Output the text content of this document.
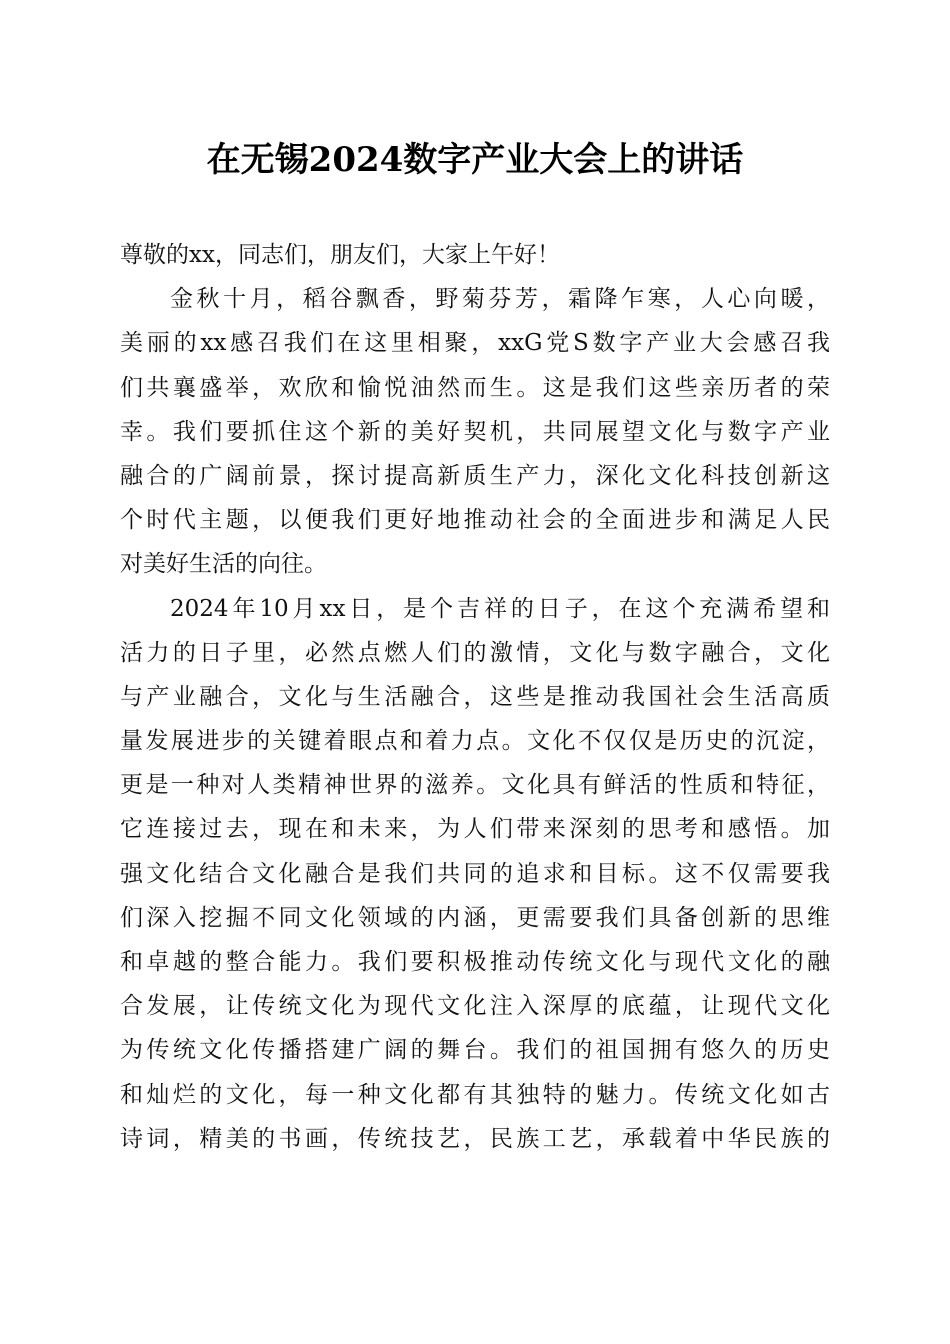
在无锡2024数字产业大会上的讲话
尊敬的xx，同志们，朋友们，大家上午好！
金秋十月，稻谷飘香，野菊芬芳，霜降乍寒，人心向暖，
美丽的xx感召我们在这里相聚，xxG党S数字产业大会感召我
们共襄盛举，欢欣和愉悦油然而生。这是我们这些亲历者的荣
幸。我们要抓住这个新的美好契机，共同展望文化与数字产业
融合的广阔前景，探讨提高新质生产力，深化文化科技创新这
个时代主题，以便我们更好地推动社会的全面进步和满足人民
对美好生活的向往。
2024年10月xx日，是个吉祥的日子，在这个充满希望和
活力的日子里，必然点燃人们的激情，文化与数字融合，文化
与产业融合，文化与生活融合，这些是推动我国社会生活高质
量发展进步的关键着眼点和着力点。文化不仅仅是历史的沉淀，
更是一种对人类精神世界的滋养。文化具有鲜活的性质和特征，
它连接过去，现在和未来，为人们带来深刻的思考和感悟。加
强文化结合文化融合是我们共同的追求和目标。这不仅需要我
们深入挖掘不同文化领域的内涵，更需要我们具备创新的思维
和卓越的整合能力。我们要积极推动传统文化与现代文化的融
合发展，让传统文化为现代文化注入深厚的底蕴，让现代文化
为传统文化传播搭建广阔的舞台。我们的祖国拥有悠久的历史
和灿烂的文化，每一种文化都有其独特的魅力。传统文化如古
诗词，精美的书画，传统技艺，民族工艺，承载着中华民族的
